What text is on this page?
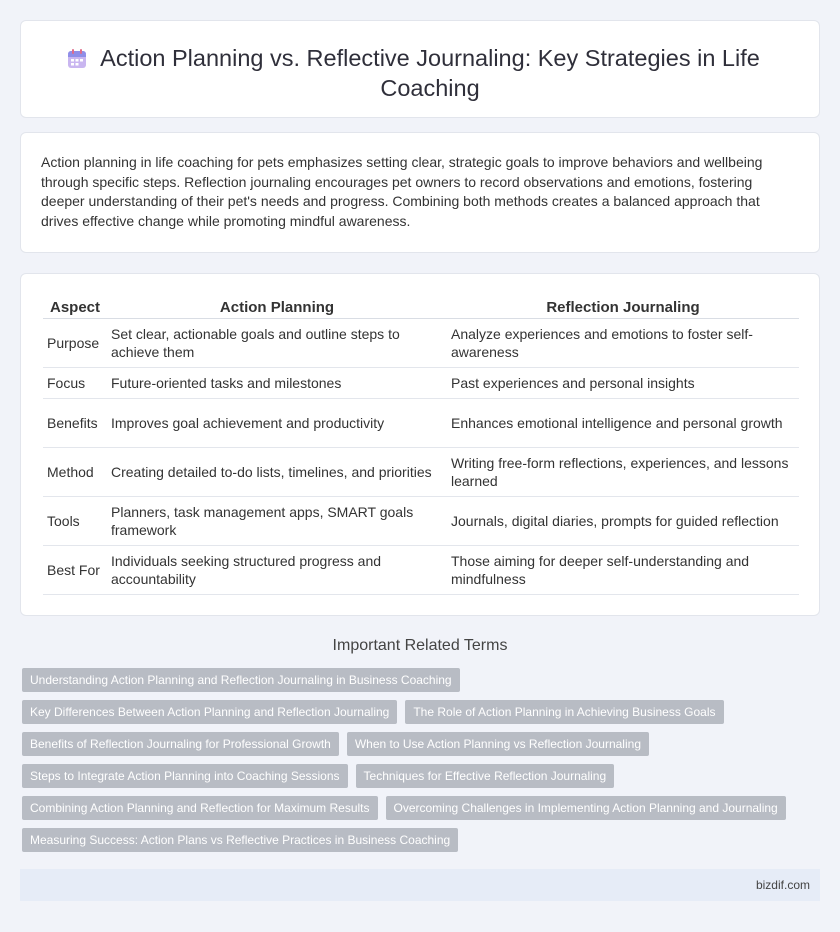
Action Planning vs. Reflective Journaling: Key Strategies in Life Coaching

Action planning in life coaching for pets emphasizes setting clear, strategic goals to improve behaviors and wellbeing through specific steps. Reflection journaling encourages pet owners to record observations and emotions, fostering deeper understanding of their pet's needs and progress. Combining both methods creates a balanced approach that drives effective change while promoting mindful awareness.

Aspect	Action Planning	Reflection Journaling
Purpose	Set clear, actionable goals and outline steps to achieve them	Analyze experiences and emotions to foster self-awareness
Focus	Future-oriented tasks and milestones	Past experiences and personal insights
Benefits	Improves goal achievement and productivity	Enhances emotional intelligence and personal growth
Method	Creating detailed to-do lists, timelines, and priorities	Writing free-form reflections, experiences, and lessons learned
Tools	Planners, task management apps, SMART goals framework	Journals, digital diaries, prompts for guided reflection
Best For	Individuals seeking structured progress and accountability	Those aiming for deeper self-understanding and mindfulness
Important Related Terms
Understanding Action Planning and Reflection Journaling in Business Coaching
Key Differences Between Action Planning and Reflection Journaling	The Role of Action Planning in Achieving Business Goals
Benefits of Reflection Journaling for Professional Growth	When to Use Action Planning vs Reflection Journaling
Steps to Integrate Action Planning into Coaching Sessions	Techniques for Effective Reflection Journaling
Combining Action Planning and Reflection for Maximum Results	Overcoming Challenges in Implementing Action Planning and Journaling
Measuring Success: Action Plans vs Reflective Practices in Business Coaching
bizdif.com
